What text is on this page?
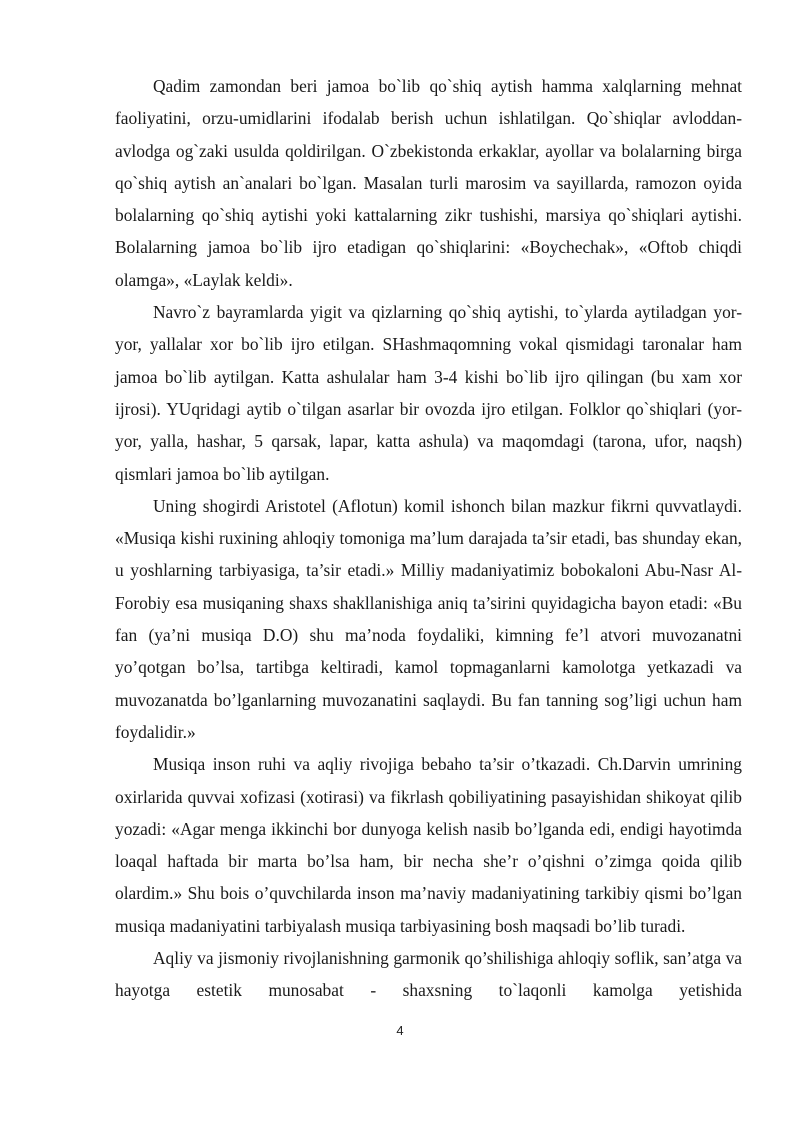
Qadim zamondan beri jamoa bo`lib qo`shiq aytish hamma xalqlarning mehnat faoliyatini, orzu-umidlarini ifodalab berish uchun ishlatilgan. Qo`shiqlar avloddan-avlodga og`zaki usulda qoldirilgan. O`zbekistonda erkaklar, ayollar va bolalarning birga qo`shiq aytish an`analari bo`lgan. Masalan turli marosim va sayillarda, ramozon oyida bolalarning qo`shiq aytishi yoki kattalarning zikr tushishi, marsiya qo`shiqlari aytishi. Bolalarning jamoa bo`lib ijro etadigan qo`shiqlarini: «Boychechak», «Oftob chiqdi olamga», «Laylak keldi».

Navro`z bayramlarda yigit va qizlarning qo`shiq aytishi, to`ylarda aytiladgan yor-yor, yallalar xor bo`lib ijro etilgan. SHashmaqomning vokal qismidagi taronalar ham jamoa bo`lib aytilgan. Katta ashulalar ham 3-4 kishi bo`lib ijro qilingan (bu xam xor ijrosi). YUqridagi aytib o`tilgan asarlar bir ovozda ijro etilgan. Folklor qo`shiqlari (yor-yor, yalla, hashar, 5 qarsak, lapar, katta ashula) va maqomdagi (tarona, ufor, naqsh) qismlari jamoa bo`lib aytilgan.

Uning shogirdi Aristotel (Aflotun) komil ishonch bilan mazkur fikrni quvvatlaydi. «Musiqa kishi ruxining ahloqiy tomoniga ma’lum darajada ta’sir etadi, bas shunday ekan, u yoshlarning tarbiyasiga, ta’sir etadi.» Milliy madaniyatimiz bobokaloni Abu-Nasr Al-Forobiy esa musiqaning shaxs shakllanishiga aniq ta’sirini quyidagicha bayon etadi: «Bu fan (ya’ni musiqa D.O) shu ma’noda foydaliki, kimning fe’l atvori muvozanatni yo’qotgan bo’lsa, tartibga keltiradi, kamol topmaganlarni kamolotga yetkazadi va muvozanatda bo’lganlarning muvozanatini saqlaydi. Bu fan tanning sog’ligi uchun ham foydalidir.»

Musiqa inson ruhi va aqliy rivojiga bebaho ta’sir o’tkazadi. Ch.Darvin umrining oxirlarida quvvai xofizasi (xotirasi) va fikrlash qobiliyatining pasayishidan shikoyat qilib yozadi: «Agar menga ikkinchi bor dunyoga kelish nasib bo’lganda edi, endigi hayotimda loaqal haftada bir marta bo’lsa ham, bir necha she’r o’qishni o’zimga qoida qilib olardim.» Shu bois o’quvchilarda inson ma’naviy madaniyatining tarkibiy qismi bo’lgan musiqa madaniyatini tarbiyalash musiqa tarbiyasining bosh maqsadi bo’lib turadi.

Aqliy va jismoniy rivojlanishning garmonik qo’shilishiga ahloqiy soflik, san’atga va hayotga estetik munosabat - shaxsning to`laqonli kamolga yetishida

4
